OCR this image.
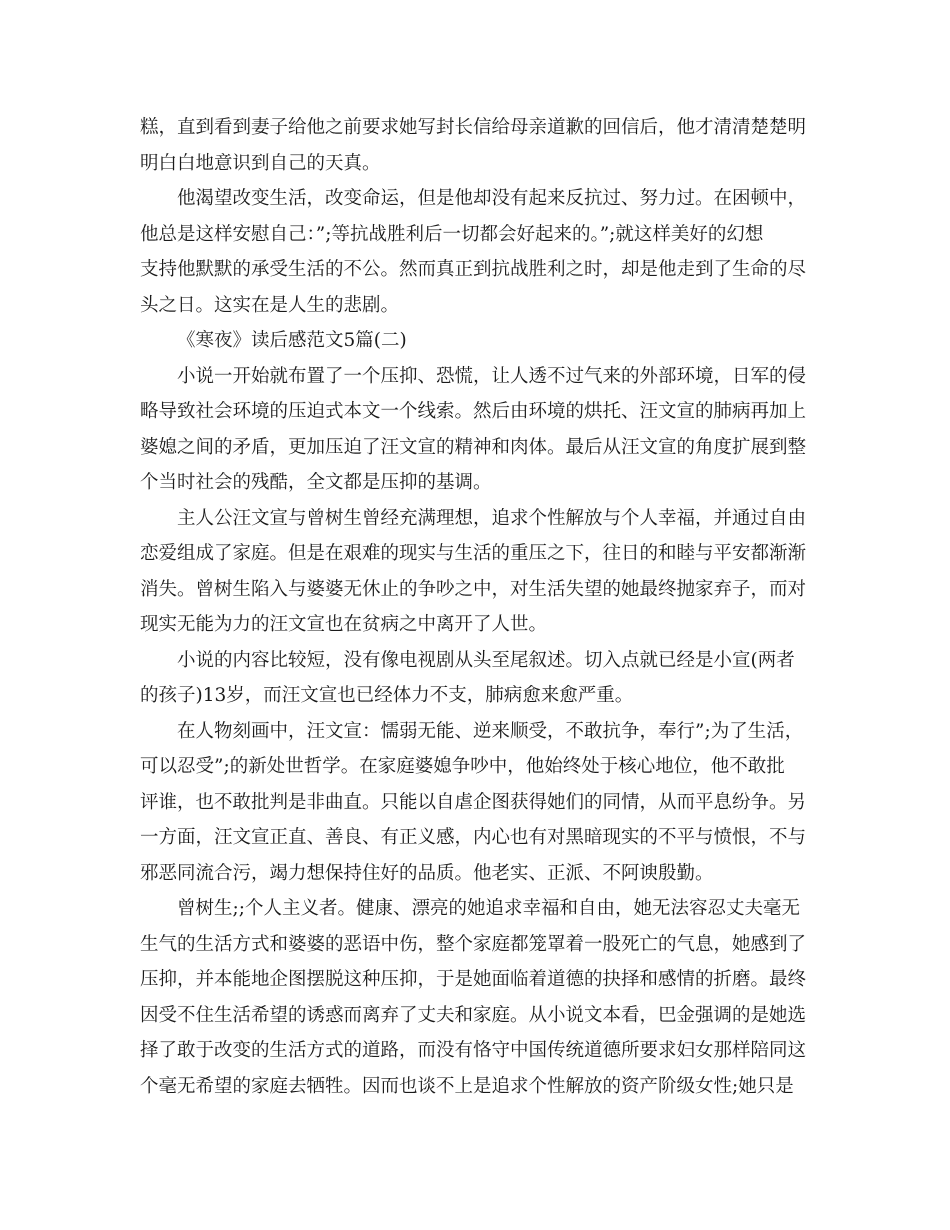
糕，直到看到妻子给他之前要求她写封长信给母亲道歉的回信后，他才清清楚楚明
明白白地意识到自己的天真。
他渴望改变生活，改变命运，但是他却没有起来反抗过、努力过。在困顿中，
他总是这样安慰自己：”;等抗战胜利后一切都会好起来的。”;就这样美好的幻想
支持他默默的承受生活的不公。然而真正到抗战胜利之时，却是他走到了生命的尽
头之日。这实在是人生的悲剧。
《寒夜》读后感范文5篇(二)
小说一开始就布置了一个压抑、恐慌，让人透不过气来的外部环境，日军的侵
略导致社会环境的压迫式本文一个线索。然后由环境的烘托、汪文宣的肺病再加上
婆媳之间的矛盾，更加压迫了汪文宣的精神和肉体。最后从汪文宣的角度扩展到整
个当时社会的残酷，全文都是压抑的基调。
主人公汪文宣与曾树生曾经充满理想，追求个性解放与个人幸福，并通过自由
恋爱组成了家庭。但是在艰难的现实与生活的重压之下，往日的和睦与平安都渐渐
消失。曾树生陷入与婆婆无休止的争吵之中，对生活失望的她最终抛家弃子，而对
现实无能为力的汪文宣也在贫病之中离开了人世。
小说的内容比较短，没有像电视剧从头至尾叙述。切入点就已经是小宣(两者
的孩子)13岁，而汪文宣也已经体力不支，肺病愈来愈严重。
在人物刻画中，汪文宣：懦弱无能、逆来顺受，不敢抗争，奉行”;为了生活，
可以忍受”;的新处世哲学。在家庭婆媳争吵中，他始终处于核心地位，他不敢批
评谁，也不敢批判是非曲直。只能以自虐企图获得她们的同情，从而平息纷争。另
一方面，汪文宣正直、善良、有正义感，内心也有对黑暗现实的不平与愤恨，不与
邪恶同流合污，竭力想保持住好的品质。他老实、正派、不阿谀殷勤。
曾树生;;个人主义者。健康、漂亮的她追求幸福和自由，她无法容忍丈夫毫无
生气的生活方式和婆婆的恶语中伤，整个家庭都笼罩着一股死亡的气息，她感到了
压抑，并本能地企图摆脱这种压抑，于是她面临着道德的抉择和感情的折磨。最终
因受不住生活希望的诱惑而离弃了丈夫和家庭。从小说文本看，巴金强调的是她选
择了敢于改变的生活方式的道路，而没有恪守中国传统道德所要求妇女那样陪同这
个毫无希望的家庭去牺牲。因而也谈不上是追求个性解放的资产阶级女性;她只是
